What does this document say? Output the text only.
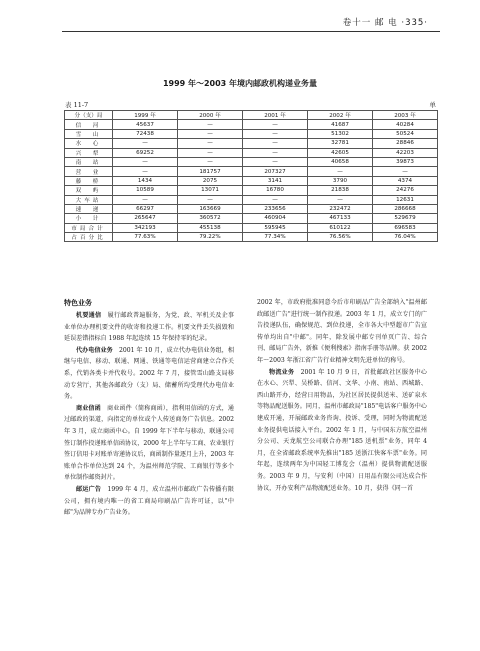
卷十一 邮 电 ·335·
1999 年～2003 年境内邮政机构递业务量
表 11-7	单
分（支）局	1999 年	2000 年	2001 年	2002 年	2003 年
信　河	45637	—	—	41687	40284
雪　山	72438	—	—	51302	50524
水　心	—	—	—	32781	28846
兴　犁	69252	—	—	42605	42203
南　站	—	—	—	40658	39873
营　业	—	181757	207327	—	—
藤　桥	1434	2075	3141	3790	4374
双　屿	10589	13071	16780	21838	24276
大车站	—	—	—	—	12631
速　递	66297	163669	233656	232472	286668
小　计	265647	360572	460904	467133	529679
市局合计	342193	455138	595945	610122	696583
占百分比	77.63%	79.22%	77.34%	76.56%	76.04%
特色业务

机要通信　 履行邮政普遍服务，为党、政、军机关及企事业单位办理机要文件的收寄和投递工作。机要文件丢失损毁和延误差错指标自 1988 年起连续 15 年保持零的纪录。

代办电信业务　 2001 年 10 月，成立代办电信业务组，相继与电信、移动、联通、网通、铁通等电信运营商建立合作关系，代销各类卡并代收号。2002 年 7 月，接管雪山路支局移动专营厅，其他各邮政分（支）局、储蓄所均受理代办电信业务。

商业信函　 商业函件（简称商函），指利用信函的方式，通过邮政的渠道，向指定的单位或个人传送商务广告信息。2002 年 3 月，成立商函中心。自 1999 年下半年与移动、联通公司签订制作投递账单信函协议，2000 年上半年与工商、农业银行签订信用卡对账单寄递协议后，商函制作量逐月上升，2003 年账单合作单位达到 24 个，为温州师范学院、工商银行等多个单位制作邮资封片。

邮运广告　 1999 年 4 月，成立温州市邮政广告传播有限公司，拥有境内唯一的省工商局印刷品广告许可证，以"中邮"为品牌专办广告业务。

2002 年，市政府批准同意今后市印刷品广告全部纳入"温州邮政邮送广告"进行统一制作投递。2003 年 1 月，成立专门的广告投递队伍，确保规范、到位投递，全市各大中型超市广告宣传单均出自"中邮"。同年，除发展中邮专刊单页广告、综合刊、邮局广告外，新推《便利搜索》指南手册等品牌。获 2002 年～2003 年浙江省广告行业精神文明先进单位的称号。

物流业务　 2001 年 10 月 9 日，首批邮政社区服务中心在水心、兴犁、吴桥路、信河、文华、小南、南站、西城路、西山路开办，经营日用物品，为社区居民提供送米、送矿泉水等物品配送服务。同月，温州市邮政局"185"电话客户服务中心建成开通，开展邮政业务咨询、投诉、受理，同时为物流配送业务提供电话接入平台。2002 年 1 月，与中国东方航空温州分公司、天龙航空公司联合办理"185 送机票"业务，同年 4 月，在全省邮政系统率先推出"185 送浙江快客车票"业务。同年起，连续两年为中国轻工博览会（温州）提供物流配送服务。2003 年 9 月，与安利（中国）日用品有限公司达成合作协议，开办安利产品物流配送业务。10 月，获得《同一首
